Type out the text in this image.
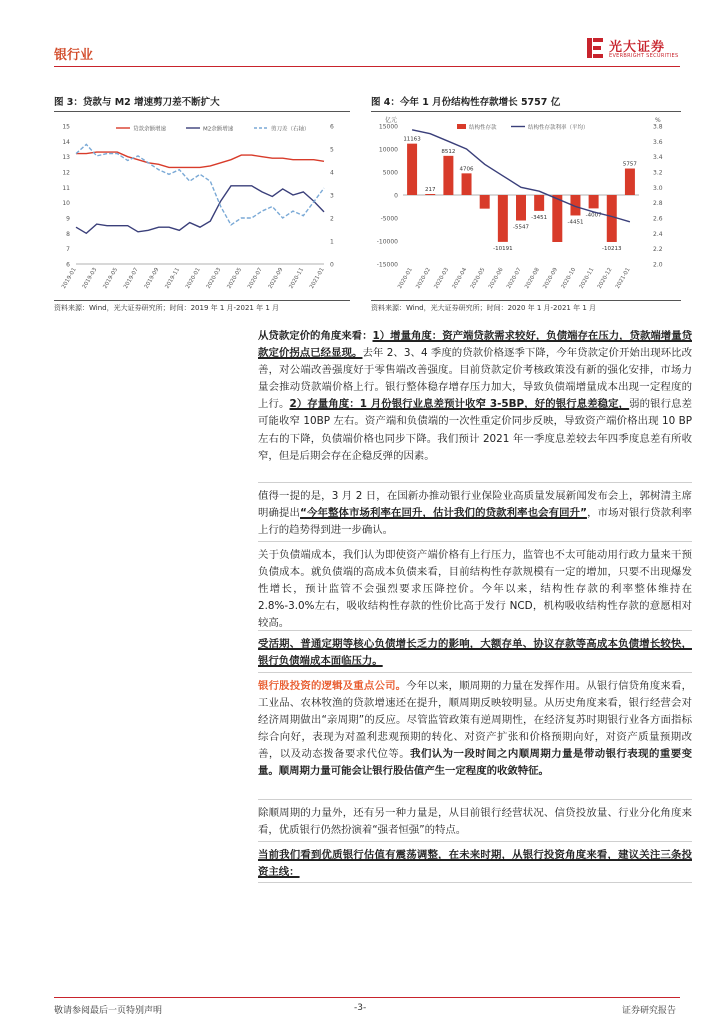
银行业
光大证券
EVERBRIGHT SECURITIES
图 3：贷款与 M2 增速剪刀差不断扩大	图 4：今年 1 月份结构性存款增长 5757 亿
15
14
13
12
11
10
9
8
7
6
6
5
4
3
2
1
0
2019-01 2019-03 2019-05 2019-07 2019-09 2019-11 2020-01 2020-03 2020-05 2020-07 2020-09 2020-11 2021-01
贷款余额增速	M2余额增速	剪刀差（右轴）	15000
10000
5000
0
-5000
-10000
-15000
3.8
3.6
3.4
3.2
3.0
2.8
2.6
2.4
2.2
2.0
亿元	%
11163
217
8512
4706
-10191
-5547
-3451
-4451
-4007
-10213
5757
2020-01 2020-02 2020-03 2020-04 2020-05 2020-06 2020-07 2020-08 2020-09 2020-10 2020-11 2020-12 2021-01
结构性存款	结构性存款利率（平均）
资料来源：Wind，光大证券研究所；时间：2019 年 1 月-2021 年 1 月	资料来源：Wind，光大证券研究所；时间：2020 年 1 月-2021 年 1 月
从贷款定价的角度来看：1）增量角度：资产端贷款需求较好，负债端存在压力，贷款端增量贷款定价拐点已经显现。去年 2、3、4 季度的贷款价格逐季下降，今年贷款定价开始出现环比改善，对公端改善强度好于零售端改善强度。目前贷款定价考核政策没有新的强化安排，市场力量会推动贷款端价格上行。银行整体稳存增存压力加大，导致负债端增量成本出现一定程度的上行。2）存量角度：1 月份银行业息差预计收窄 3-5BP，好的银行息差稳定，弱的银行息差可能收窄 10BP 左右。资产端和负债端的一次性重定价同步反映，导致资产端价格出现 10 BP 左右的下降，负债端价格也同步下降。我们预计 2021 年一季度息差较去年四季度息差有所收窄，但是后期会存在企稳反弹的因素。
值得一提的是，3 月 2 日，在国新办推动银行业保险业高质量发展新闻发布会上，郭树清主席明确提出“今年整体市场利率在回升，估计我们的贷款利率也会有回升”，市场对银行贷款利率上行的趋势得到进一步确认。
关于负债端成本，我们认为即使资产端价格有上行压力，监管也不太可能动用行政力量来干预负债成本。就负债端的高成本负债来看，目前结构性存款规模有一定的增加，只要不出现爆发性增长，预计监管不会强烈要求压降控价。今年以来，结构性存款的利率整体维持在 2.8%-3.0%左右，吸收结构性存款的性价比高于发行 NCD，机构吸收结构性存款的意愿相对较高。
受活期、普通定期等核心负债增长乏力的影响，大额存单、协议存款等高成本负债增长较快，银行负债端成本面临压力。
银行股投资的逻辑及重点公司。今年以来，顺周期的力量在发挥作用。从银行信贷角度来看，工业品、农林牧渔的贷款增速还在提升，顺周期反映较明显。从历史角度来看，银行经营会对经济周期做出“亲周期”的反应。尽管监管政策有逆周期性，在经济复苏时期银行业各方面指标综合向好，表现为对盈利悲观预期的转化、对资产扩张和价格预期向好，对资产质量预期改善，以及动态拨备要求代位等。我们认为一段时间之内顺周期力量是带动银行表现的重要变量。顺周期力量可能会让银行股估值产生一定程度的收敛特征。
除顺周期的力量外，还有另一种力量是，从目前银行经营状况、信贷投放量、行业分化角度来看，优质银行仍然扮演着“强者恒强”的特点。
当前我们看到优质银行估值有震荡调整，在未来时期，从银行投资角度来看，建议关注三条投资主线：
敬请参阅最后一页特别声明	-3-	证券研究报告
